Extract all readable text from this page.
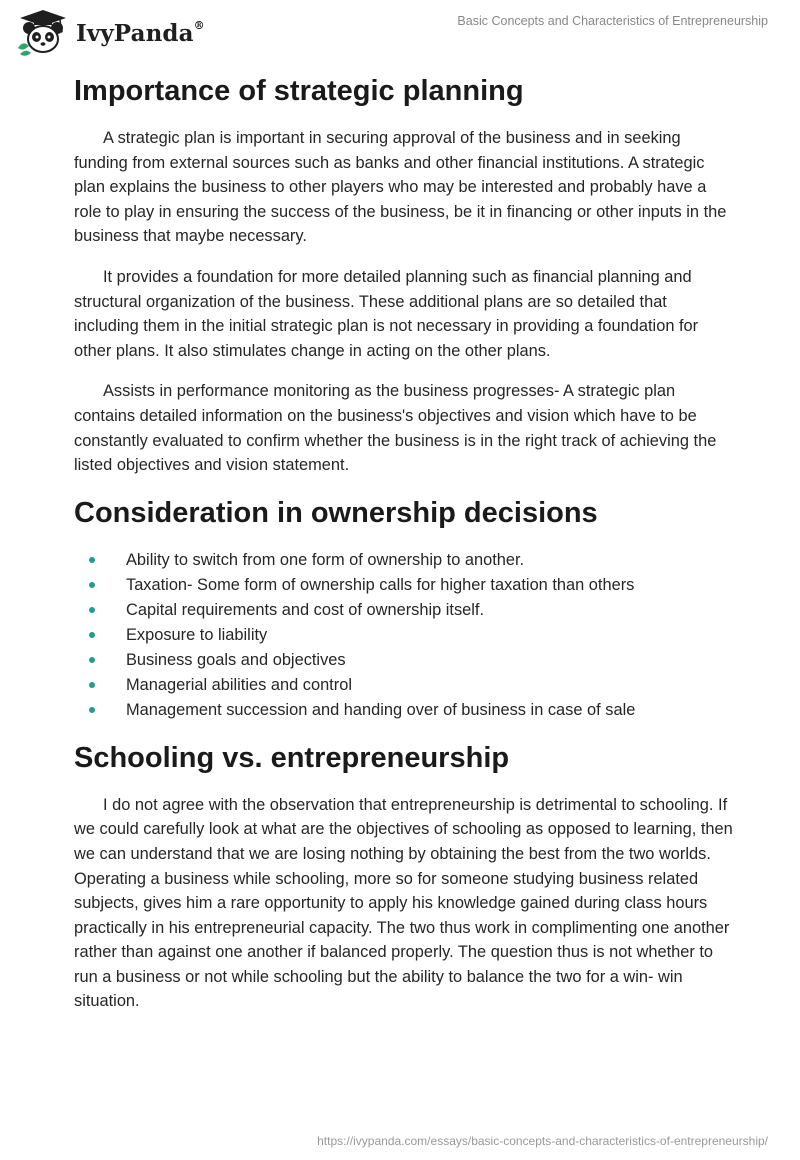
IvyPanda®	Basic Concepts and Characteristics of Entrepreneurship
Importance of strategic planning

A strategic plan is important in securing approval of the business and in seeking funding from external sources such as banks and other financial institutions. A strategic plan explains the business to other players who may be interested and probably have a role to play in ensuring the success of the business, be it in financing or other inputs in the business that maybe necessary.

It provides a foundation for more detailed planning such as financial planning and structural organization of the business. These additional plans are so detailed that including them in the initial strategic plan is not necessary in providing a foundation for other plans. It also stimulates change in acting on the other plans.

Assists in performance monitoring as the business progresses- A strategic plan contains detailed information on the business's objectives and vision which have to be constantly evaluated to confirm whether the business is in the right track of achieving the listed objectives and vision statement.

Consideration in ownership decisions
Ability to switch from one form of ownership to another.
Taxation- Some form of ownership calls for higher taxation than others
Capital requirements and cost of ownership itself.
Exposure to liability
Business goals and objectives
Managerial abilities and control
Management succession and handing over of business in case of sale
Schooling vs. entrepreneurship

I do not agree with the observation that entrepreneurship is detrimental to schooling. If we could carefully look at what are the objectives of schooling as opposed to learning, then we can understand that we are losing nothing by obtaining the best from the two worlds. Operating a business while schooling, more so for someone studying business related subjects, gives him a rare opportunity to apply his knowledge gained during class hours practically in his entrepreneurial capacity. The two thus work in complimenting one another rather than against one another if balanced properly. The question thus is not whether to run a business or not while schooling but the ability to balance the two for a win- win situation.

https://ivypanda.com/essays/basic-concepts-and-characteristics-of-entrepreneurship/
